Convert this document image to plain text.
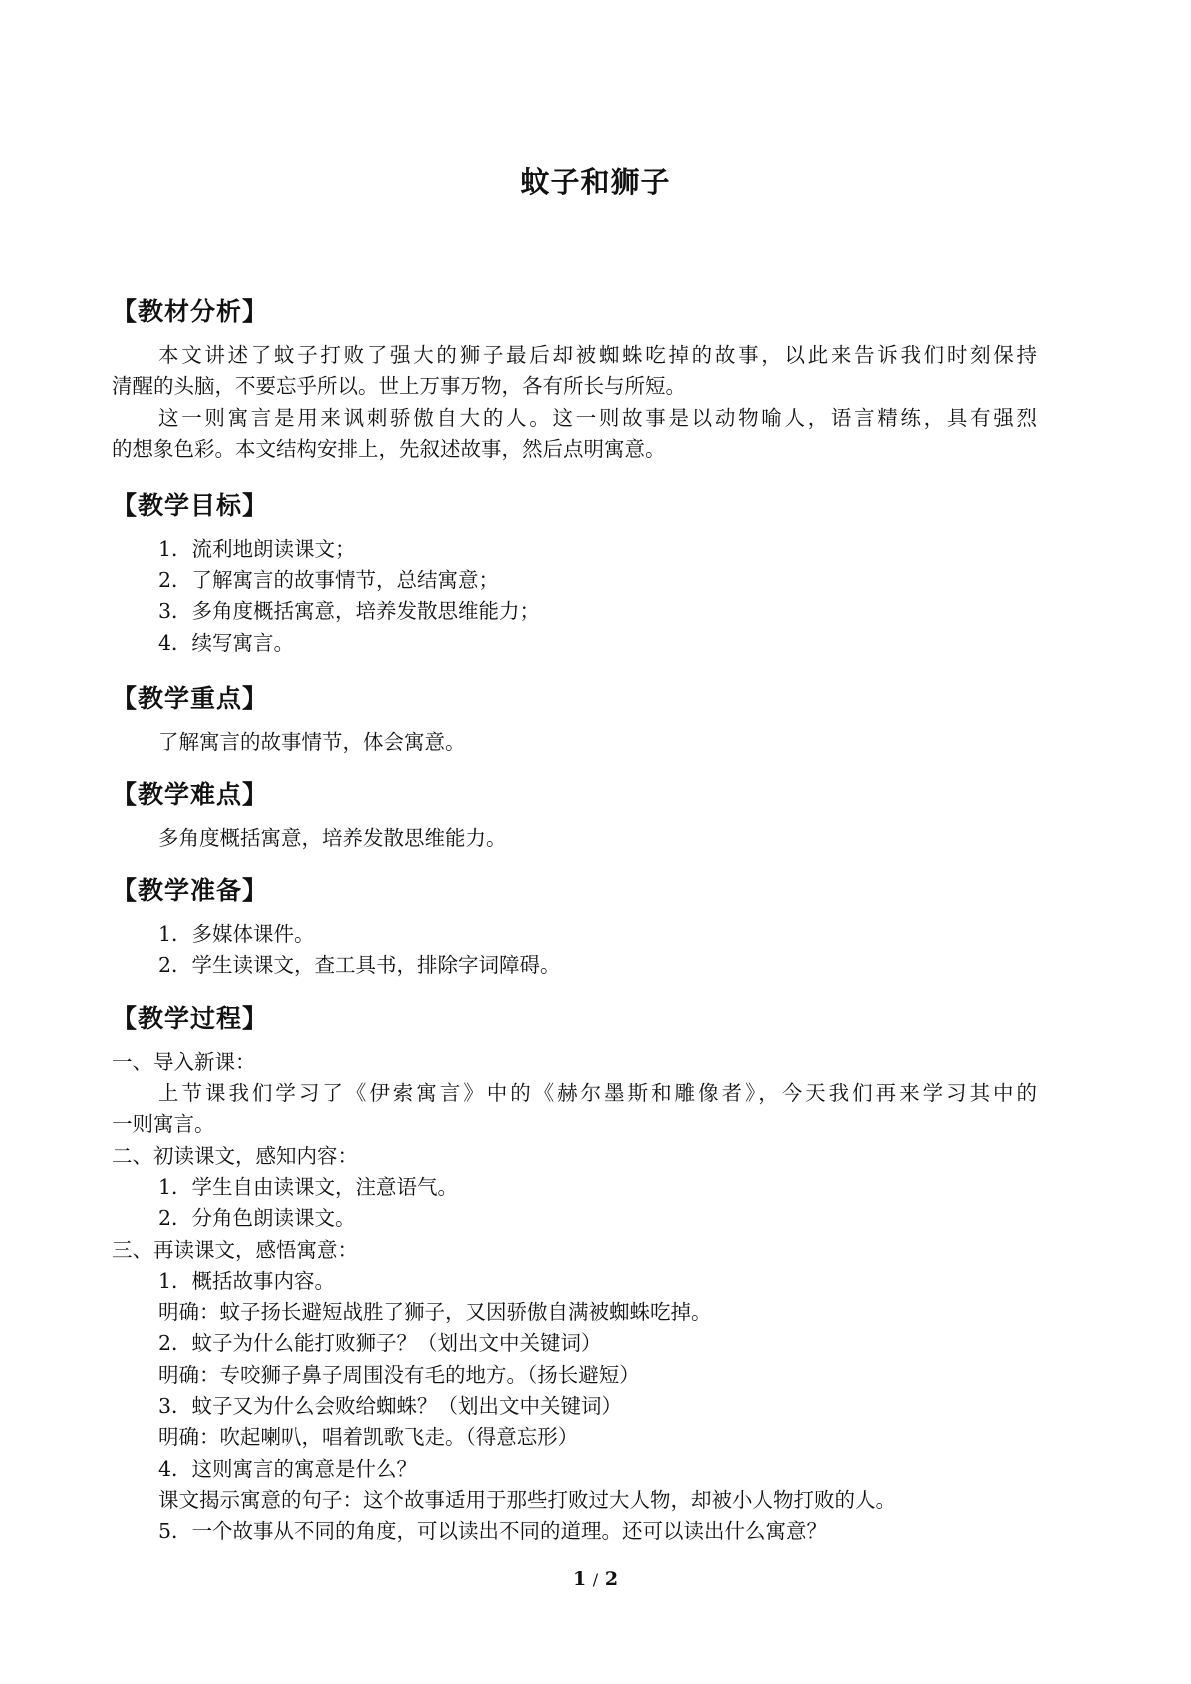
蚊子和狮子
【教材分析】
本文讲述了蚊子打败了强大的狮子最后却被蜘蛛吃掉的故事，以此来告诉我们时刻保持
清醒的头脑，不要忘乎所以。世上万事万物，各有所长与所短。
这一则寓言是用来讽刺骄傲自大的人。这一则故事是以动物喻人，语言精练，具有强烈
的想象色彩。本文结构安排上，先叙述故事，然后点明寓意。
【教学目标】
1．流利地朗读课文；
2．了解寓言的故事情节，总结寓意；
3．多角度概括寓意，培养发散思维能力；
4．续写寓言。
【教学重点】
了解寓言的故事情节，体会寓意。
【教学难点】
多角度概括寓意，培养发散思维能力。
【教学准备】
1．多媒体课件。
2．学生读课文，查工具书，排除字词障碍。
【教学过程】
一、导入新课：
上节课我们学习了《伊索寓言》中的《赫尔墨斯和雕像者》，今天我们再来学习其中的
一则寓言。
二、初读课文，感知内容：
1．学生自由读课文，注意语气。
2．分角色朗读课文。
三、再读课文，感悟寓意：
1．概括故事内容。
明确：蚊子扬长避短战胜了狮子，又因骄傲自满被蜘蛛吃掉。
2．蚊子为什么能打败狮子？（划出文中关键词）
明确：专咬狮子鼻子周围没有毛的地方。（扬长避短）
3．蚊子又为什么会败给蜘蛛？（划出文中关键词）
明确：吹起喇叭，唱着凯歌飞走。（得意忘形）
4．这则寓言的寓意是什么？
课文揭示寓意的句子：这个故事适用于那些打败过大人物，却被小人物打败的人。
5．一个故事从不同的角度，可以读出不同的道理。还可以读出什么寓意？
1 / 2
